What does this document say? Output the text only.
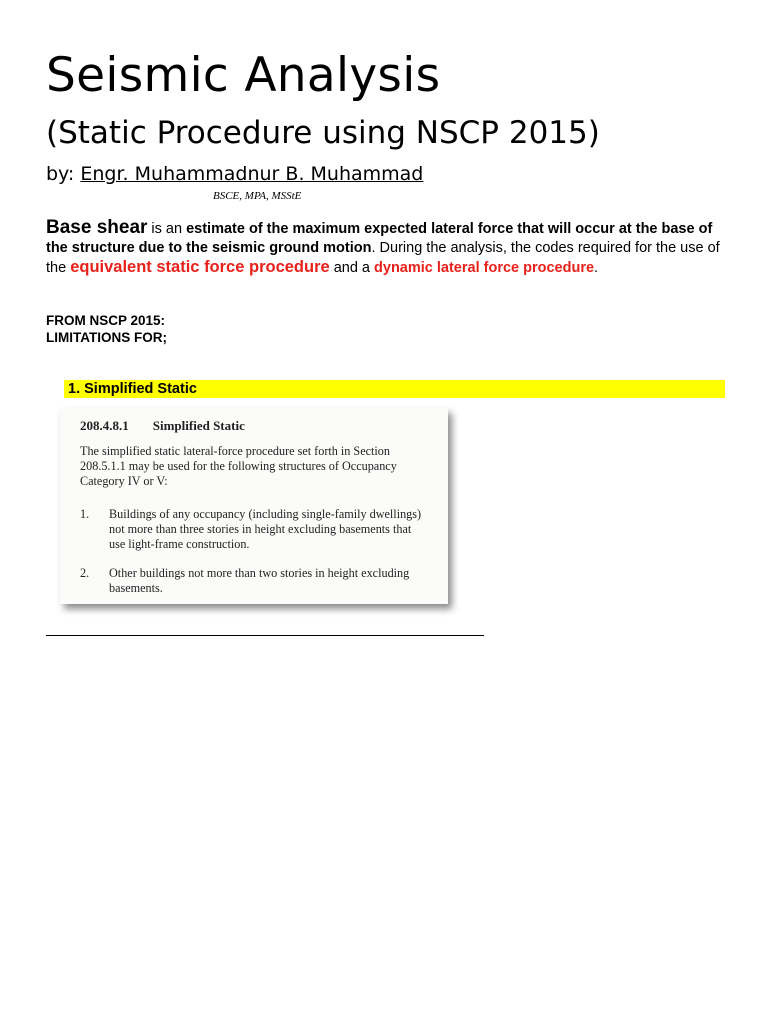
Seismic Analysis
(Static Procedure using NSCP 2015)
by: Engr. Muhammadnur B. Muhammad
BSCE, MPA, MSStE

Base shear is an estimate of the maximum expected lateral force that will occur at the base of the structure due to the seismic ground motion. During the analysis, the codes required for the use of the equivalent static force procedure and a dynamic lateral force procedure.

FROM NSCP 2015:
LIMITATIONS FOR;
1. Simplified Static
208.4.8.1 Simplified Static
The simplified static lateral-force procedure set forth in Section 208.5.1.1 may be used for the following structures of Occupancy Category IV or V:
1. Buildings of any occupancy (including single-family dwellings) not more than three stories in height excluding basements that use light-frame construction.
2. Other buildings not more than two stories in height excluding basements.
